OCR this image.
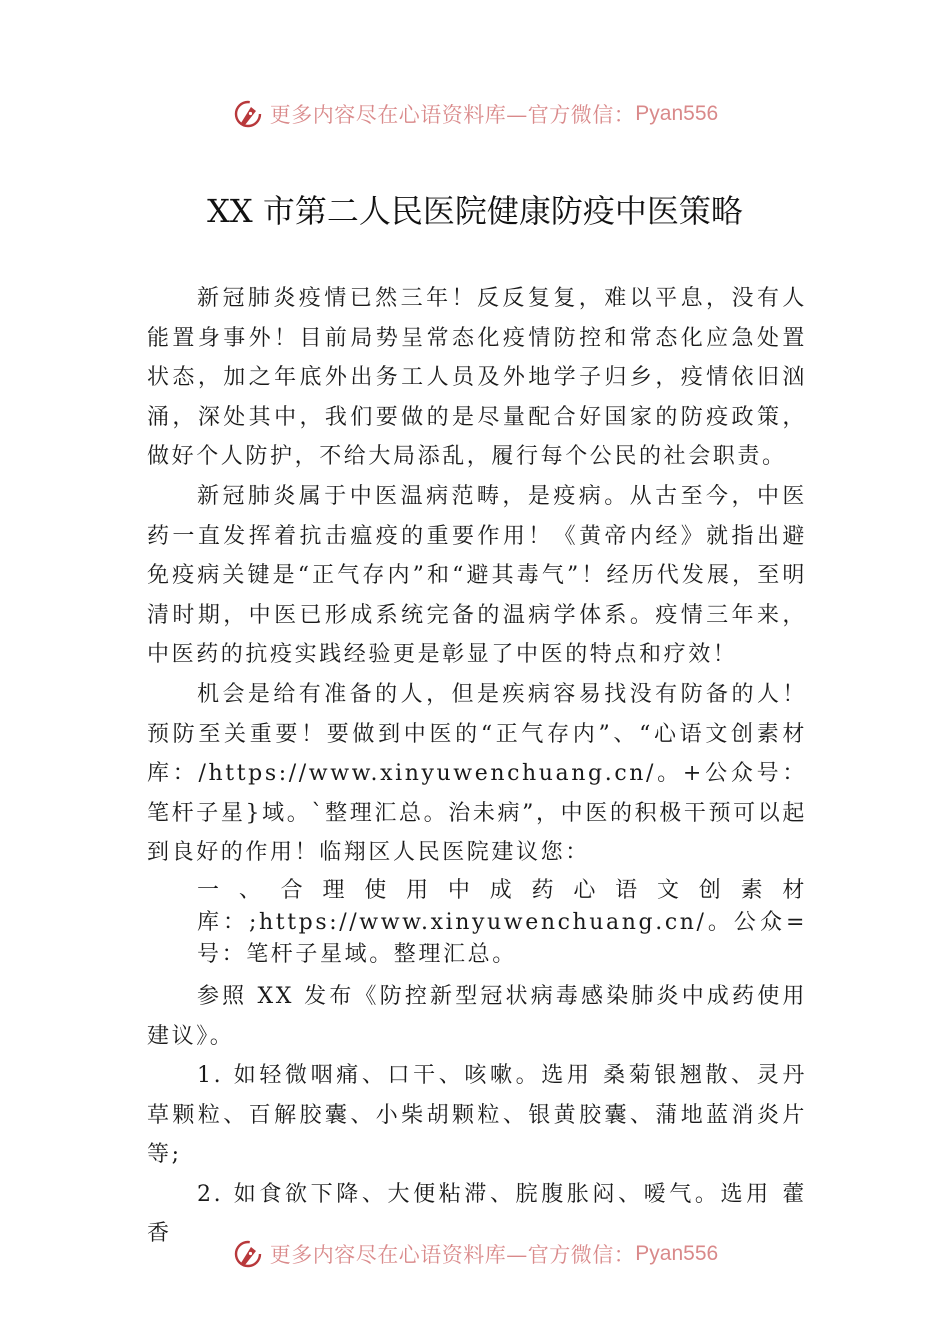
更多内容尽在心语资料库—官方微信： Pyan556
XX 市第二人民医院健康防疫中医策略

新冠肺炎疫情已然三年！反反复复，难以平息，没有人能置身事外！目前局势呈常态化疫情防控和常态化应急处置状态，加之年底外出务工人员及外地学子归乡，疫情依旧汹涌，深处其中，我们要做的是尽量配合好国家的防疫政策， 做好个人防护，不给大局添乱，履行每个公民的社会职责。

新冠肺炎属于中医温病范畴，是疫病。从古至今，中医药一直发挥着抗击瘟疫的重要作用！《黄帝内经》就指出避免疫病关键是“正气存内”和“避其毒气”！经历代发展，至明清时期，中医已形成系统完备的温病学体系。疫情三年来， 中医药的抗疫实践经验更是彰显了中医的特点和疗效！

机会是给有准备的人，但是疾病容易找没有防备的人！预防至关重要！要做到中医的“正气存内”、“心语文创素材库：/https://www.xinyuwenchuang.cn/。+公众号：笔杆子星}域。`整理汇总。治未病”，中医的积极干预可以起到良好的作用！临翔区人民医院建议您：

一、合理使用中成药心语文创素材库：;https://www.xinyuwenchuang.cn/。公众=号：笔杆子星域。整理汇总。

参照 XX 发布《防控新型冠状病毒感染肺炎中成药使用建议》。

1. 如轻微咽痛、口干、咳嗽。选用 桑菊银翘散、灵丹草颗粒、百解胶囊、小柴胡颗粒、银黄胶囊、蒲地蓝消炎片等;

2. 如食欲下降、大便粘滞、脘腹胀闷、嗳气。选用 藿香

更多内容尽在心语资料库—官方微信： Pyan556
